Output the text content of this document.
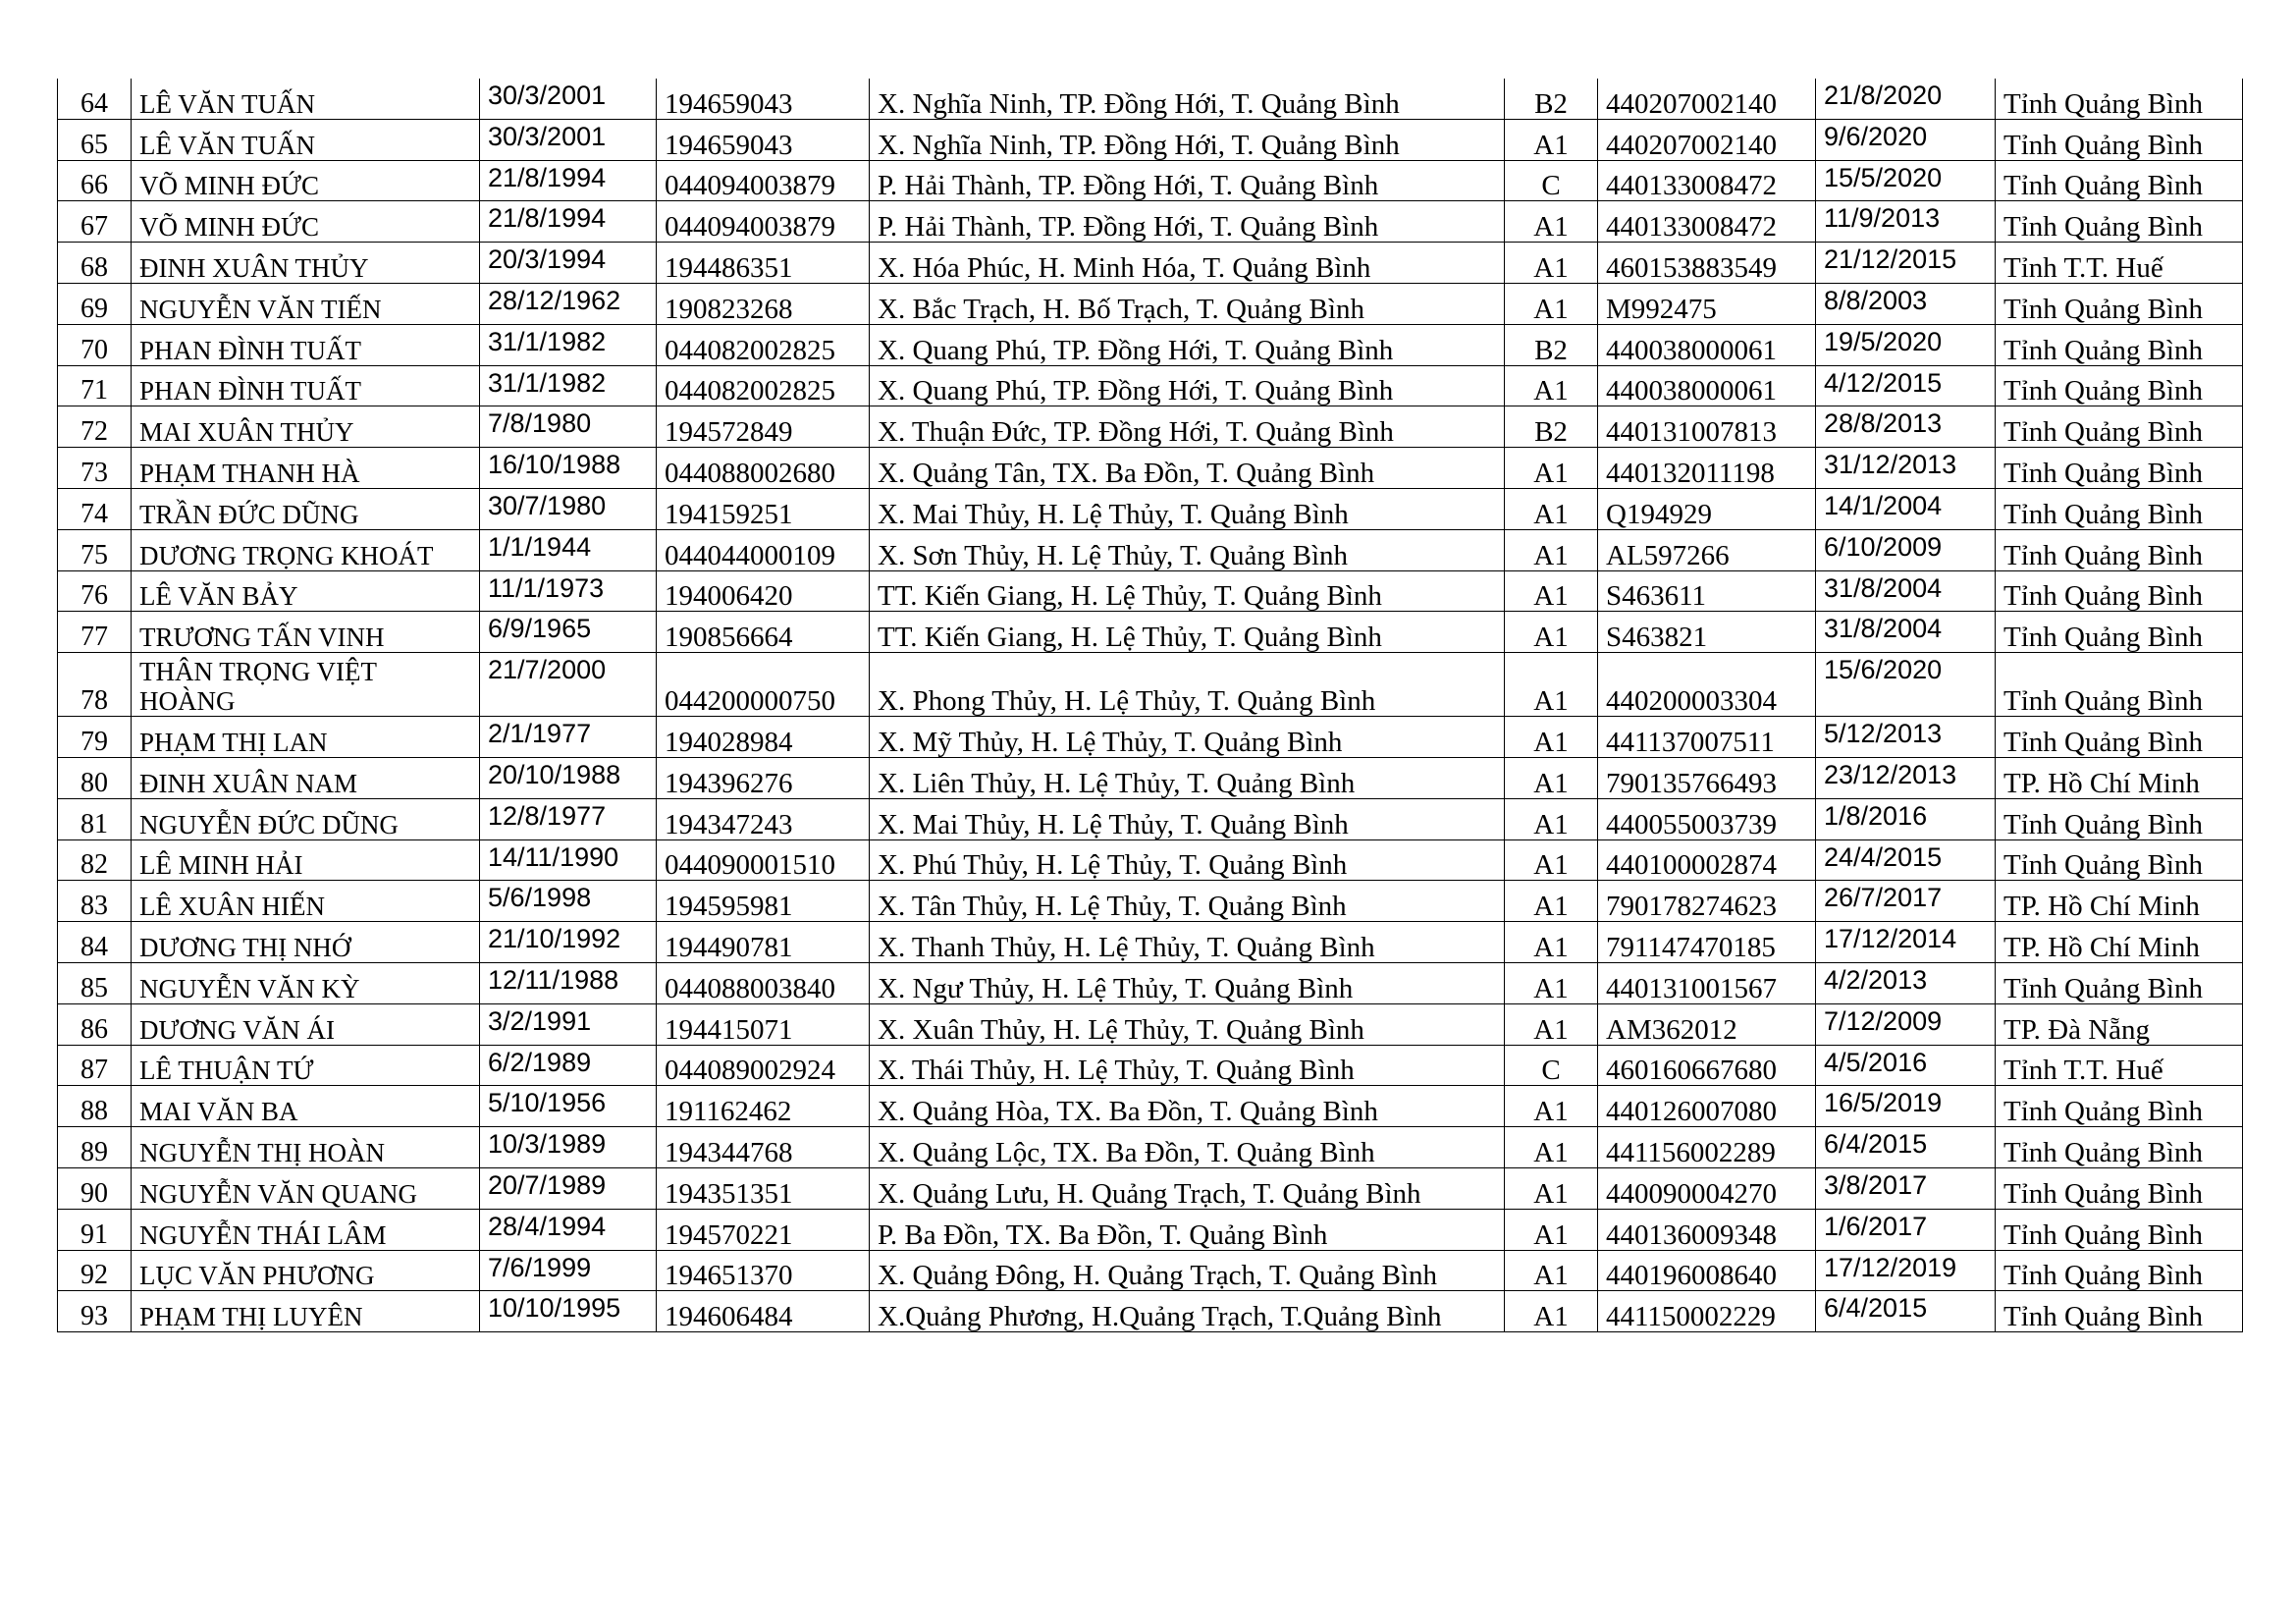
64	LÊ VĂN TUẤN	30/3/2001	194659043	X. Nghĩa Ninh, TP. Đồng Hới, T. Quảng Bình	B2	440207002140	21/8/2020	Tỉnh Quảng Bình
65	LÊ VĂN TUẤN	30/3/2001	194659043	X. Nghĩa Ninh, TP. Đồng Hới, T. Quảng Bình	A1	440207002140	9/6/2020	Tỉnh Quảng Bình
66	VÕ MINH ĐỨC	21/8/1994	044094003879	P. Hải Thành, TP. Đồng Hới, T. Quảng Bình	C	440133008472	15/5/2020	Tỉnh Quảng Bình
67	VÕ MINH ĐỨC	21/8/1994	044094003879	P. Hải Thành, TP. Đồng Hới, T. Quảng Bình	A1	440133008472	11/9/2013	Tỉnh Quảng Bình
68	ĐINH XUÂN THỦY	20/3/1994	194486351	X. Hóa Phúc, H. Minh Hóa, T. Quảng Bình	A1	460153883549	21/12/2015	Tỉnh T.T. Huế
69	NGUYỄN VĂN TIẾN	28/12/1962	190823268	X. Bắc Trạch, H. Bố Trạch, T. Quảng Bình	A1	M992475	8/8/2003	Tỉnh Quảng Bình
70	PHAN ĐÌNH TUẤT	31/1/1982	044082002825	X. Quang Phú, TP. Đồng Hới, T. Quảng Bình	B2	440038000061	19/5/2020	Tỉnh Quảng Bình
71	PHAN ĐÌNH TUẤT	31/1/1982	044082002825	X. Quang Phú, TP. Đồng Hới, T. Quảng Bình	A1	440038000061	4/12/2015	Tỉnh Quảng Bình
72	MAI XUÂN THỦY	7/8/1980	194572849	X. Thuận Đức, TP. Đồng Hới, T. Quảng Bình	B2	440131007813	28/8/2013	Tỉnh Quảng Bình
73	PHẠM THANH HÀ	16/10/1988	044088002680	X. Quảng Tân, TX. Ba Đồn, T. Quảng Bình	A1	440132011198	31/12/2013	Tỉnh Quảng Bình
74	TRẦN ĐỨC DŨNG	30/7/1980	194159251	X. Mai Thủy, H. Lệ Thủy, T. Quảng Bình	A1	Q194929	14/1/2004	Tỉnh Quảng Bình
75	DƯƠNG TRỌNG KHOÁT	1/1/1944	044044000109	X. Sơn Thủy, H. Lệ Thủy, T. Quảng Bình	A1	AL597266	6/10/2009	Tỉnh Quảng Bình
76	LÊ VĂN BẢY	11/1/1973	194006420	TT. Kiến Giang, H. Lệ Thủy, T. Quảng Bình	A1	S463611	31/8/2004	Tỉnh Quảng Bình
77	TRƯƠNG TẤN VINH	6/9/1965	190856664	TT. Kiến Giang, H. Lệ Thủy, T. Quảng Bình	A1	S463821	31/8/2004	Tỉnh Quảng Bình
78	THÂN TRỌNG VIỆT HOÀNG	21/7/2000	044200000750	X. Phong Thủy, H. Lệ Thủy, T. Quảng Bình	A1	440200003304	15/6/2020	Tỉnh Quảng Bình
79	PHẠM THỊ LAN	2/1/1977	194028984	X. Mỹ Thủy, H. Lệ Thủy, T. Quảng Bình	A1	441137007511	5/12/2013	Tỉnh Quảng Bình
80	ĐINH XUÂN NAM	20/10/1988	194396276	X. Liên Thủy, H. Lệ Thủy, T. Quảng Bình	A1	790135766493	23/12/2013	TP. Hồ Chí Minh
81	NGUYỄN ĐỨC DŨNG	12/8/1977	194347243	X. Mai Thủy, H. Lệ Thủy, T. Quảng Bình	A1	440055003739	1/8/2016	Tỉnh Quảng Bình
82	LÊ MINH HẢI	14/11/1990	044090001510	X. Phú Thủy, H. Lệ Thủy, T. Quảng Bình	A1	440100002874	24/4/2015	Tỉnh Quảng Bình
83	LÊ XUÂN HIẾN	5/6/1998	194595981	X. Tân Thủy, H. Lệ Thủy, T. Quảng Bình	A1	790178274623	26/7/2017	TP. Hồ Chí Minh
84	DƯƠNG THỊ NHỚ	21/10/1992	194490781	X. Thanh Thủy, H. Lệ Thủy, T. Quảng Bình	A1	791147470185	17/12/2014	TP. Hồ Chí Minh
85	NGUYỄN VĂN KỲ	12/11/1988	044088003840	X. Ngư Thủy, H. Lệ Thủy, T. Quảng Bình	A1	440131001567	4/2/2013	Tỉnh Quảng Bình
86	DƯƠNG VĂN ÁI	3/2/1991	194415071	X. Xuân Thủy, H. Lệ Thủy, T. Quảng Bình	A1	AM362012	7/12/2009	TP. Đà Nẵng
87	LÊ THUẬN TỨ	6/2/1989	044089002924	X. Thái Thủy, H. Lệ Thủy, T. Quảng Bình	C	460160667680	4/5/2016	Tỉnh T.T. Huế
88	MAI VĂN BA	5/10/1956	191162462	X. Quảng Hòa, TX. Ba Đồn, T. Quảng Bình	A1	440126007080	16/5/2019	Tỉnh Quảng Bình
89	NGUYỄN THỊ HOÀN	10/3/1989	194344768	X. Quảng Lộc, TX. Ba Đồn, T. Quảng Bình	A1	441156002289	6/4/2015	Tỉnh Quảng Bình
90	NGUYỄN VĂN QUANG	20/7/1989	194351351	X. Quảng Lưu, H. Quảng Trạch, T. Quảng Bình	A1	440090004270	3/8/2017	Tỉnh Quảng Bình
91	NGUYỄN THÁI LÂM	28/4/1994	194570221	P. Ba Đồn, TX. Ba Đồn, T. Quảng Bình	A1	440136009348	1/6/2017	Tỉnh Quảng Bình
92	LỤC VĂN PHƯƠNG	7/6/1999	194651370	X. Quảng Đông, H. Quảng Trạch, T. Quảng Bình	A1	440196008640	17/12/2019	Tỉnh Quảng Bình
93	PHẠM THỊ LUYÊN	10/10/1995	194606484	X.Quảng Phương, H.Quảng Trạch, T.Quảng Bình	A1	441150002229	6/4/2015	Tỉnh Quảng Bình
